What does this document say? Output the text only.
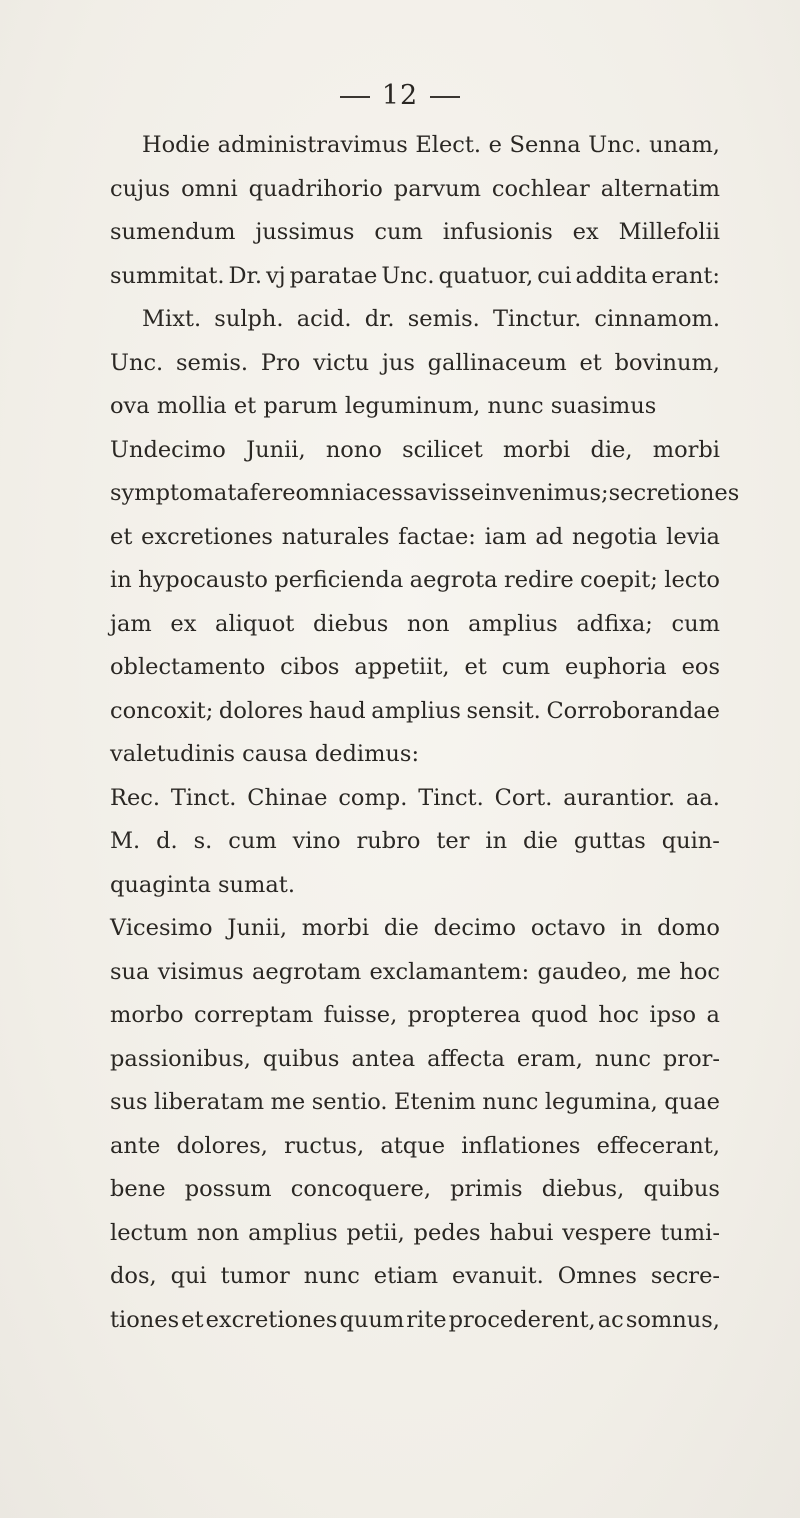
12
Hodie administravimus Elect. e Senna Unc. unam,
cujus omni quadrihorio parvum cochlear alternatim
sumendum jussimus cum infusionis ex Millefolii
summitat. Dr. vj paratae Unc. quatuor, cui addita erant:
Mixt. sulph. acid. dr. semis. Tinctur. cinnamom.
Unc. semis. Pro victu jus gallinaceum et bovinum,
ova mollia et parum leguminum, nunc suasimus
Undecimo Junii, nono scilicet morbi die, morbi
symptomata fere omnia cessavisse invenimus; secretiones
et excretiones naturales factae: iam ad negotia levia
in hypocausto perficienda aegrota redire coepit; lecto
jam ex aliquot diebus non amplius adfixa; cum
oblectamento cibos appetiit, et cum euphoria eos
concoxit; dolores haud amplius sensit. Corroborandae
valetudinis causa dedimus:
Rec. Tinct. Chinae comp. Tinct. Cort. aurantior. aa.
M. d. s. cum vino rubro ter in die guttas quin-
quaginta sumat.
Vicesimo Junii, morbi die decimo octavo in domo
sua visimus aegrotam exclamantem: gaudeo, me hoc
morbo correptam fuisse, propterea quod hoc ipso a
passionibus, quibus antea affecta eram, nunc pror-
sus liberatam me sentio. Etenim nunc legumina, quae
ante dolores, ructus, atque inflationes effecerant,
bene possum concoquere, primis diebus, quibus
lectum non amplius petii, pedes habui vespere tumi-
dos, qui tumor nunc etiam evanuit. Omnes secre-
tiones et excretiones quum rite procederent, ac somnus,
